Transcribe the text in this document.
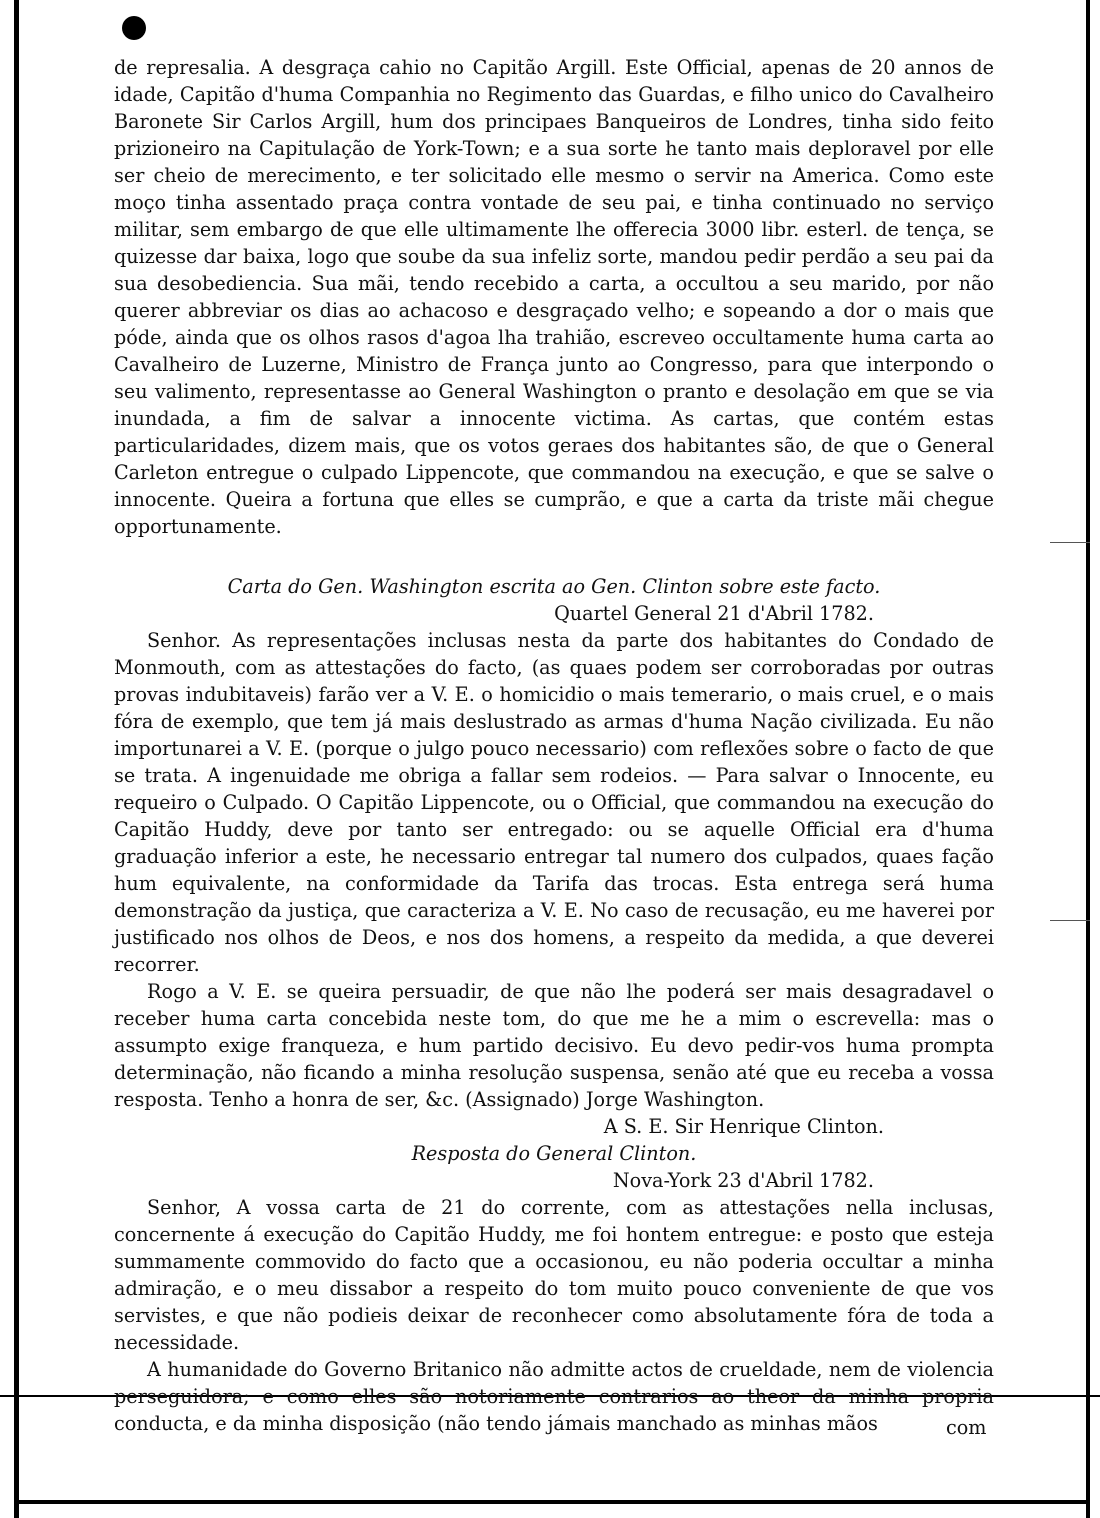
de represalia. A desgraça cahio no Capitão Argill. Este Official, apenas de 20 annos de idade, Capitão d'huma Companhia no Regimento das Guardas, e filho unico do Cavalheiro Baronete Sir Carlos Argill, hum dos principaes Banqueiros de Londres, tinha sido feito prizioneiro na Capitulação de York-Town; e a sua sorte he tanto mais deploravel por elle ser cheio de merecimento, e ter solicitado elle mesmo o servir na America. Como este moço tinha assentado praça contra vontade de seu pai, e tinha continuado no serviço militar, sem embargo de que elle ultimamente lhe offerecia 3000 libr. esterl. de tença, se quizesse dar baixa, logo que soube da sua infeliz sorte, mandou pedir perdão a seu pai da sua desobediencia. Sua mãi, tendo recebido a carta, a occultou a seu marido, por não querer abbreviar os dias ao achacoso e desgraçado velho; e sopeando a dor o mais que póde, ainda que os olhos rasos d'agoa lha trahião, escreveo occultamente huma carta ao Cavalheiro de Luzerne, Ministro de França junto ao Congresso, para que interpondo o seu valimento, representasse ao General Washington o pranto e desolação em que se via inundada, a fim de salvar a innocente victima. As cartas, que contém estas particularidades, dizem mais, que os votos geraes dos habitantes são, de que o General Carleton entregue o culpado Lippencote, que commandou na execução, e que se salve o innocente. Queira a fortuna que elles se cumprão, e que a carta da triste mãi chegue opportunamente.

Carta do Gen. Washington escrita ao Gen. Clinton sobre este facto.

Quartel General 21 d'Abril 1782.

Senhor. As representações inclusas nesta da parte dos habitantes do Condado de Monmouth, com as attestações do facto, (as quaes podem ser corroboradas por outras provas indubitaveis) farão ver a V. E. o homicidio o mais temerario, o mais cruel, e o mais fóra de exemplo, que tem já mais deslustrado as armas d'huma Nação civilizada. Eu não importunarei a V. E. (porque o julgo pouco necessario) com reflexões sobre o facto de que se trata. A ingenuidade me obriga a fallar sem rodeios. — Para salvar o Innocente, eu requeiro o Culpado. O Capitão Lippencote, ou o Official, que commandou na execução do Capitão Huddy, deve por tanto ser entregado: ou se aquelle Official era d'huma graduação inferior a este, he necessario entregar tal numero dos culpados, quaes fação hum equivalente, na conformidade da Tarifa das trocas. Esta entrega será huma demonstração da justiça, que caracteriza a V. E. No caso de recusação, eu me haverei por justificado nos olhos de Deos, e nos dos homens, a respeito da medida, a que deverei recorrer.

Rogo a V. E. se queira persuadir, de que não lhe poderá ser mais desagradavel o receber huma carta concebida neste tom, do que me he a mim o escrevella: mas o assumpto exige franqueza, e hum partido decisivo. Eu devo pedir-vos huma prompta determinação, não ficando a minha resolução suspensa, senão até que eu receba a vossa resposta. Tenho a honra de ser, &c. (Assignado) Jorge Washington.

A S. E. Sir Henrique Clinton.

Resposta do General Clinton.

Nova-York 23 d'Abril 1782.

Senhor, A vossa carta de 21 do corrente, com as attestações nella inclusas, concernente á execução do Capitão Huddy, me foi hontem entregue: e posto que esteja summamente commovido do facto que a occasionou, eu não poderia occultar a minha admiração, e o meu dissabor a respeito do tom muito pouco conveniente de que vos servistes, e que não podieis deixar de reconhecer como absolutamente fóra de toda a necessidade.

A humanidade do Governo Britanico não admitte actos de crueldade, nem de violencia perseguidora; e como elles são notoriamente contrarios ao theor da minha propria conducta, e da minha disposição (não tendo jámais manchado as minhas mãos	com
